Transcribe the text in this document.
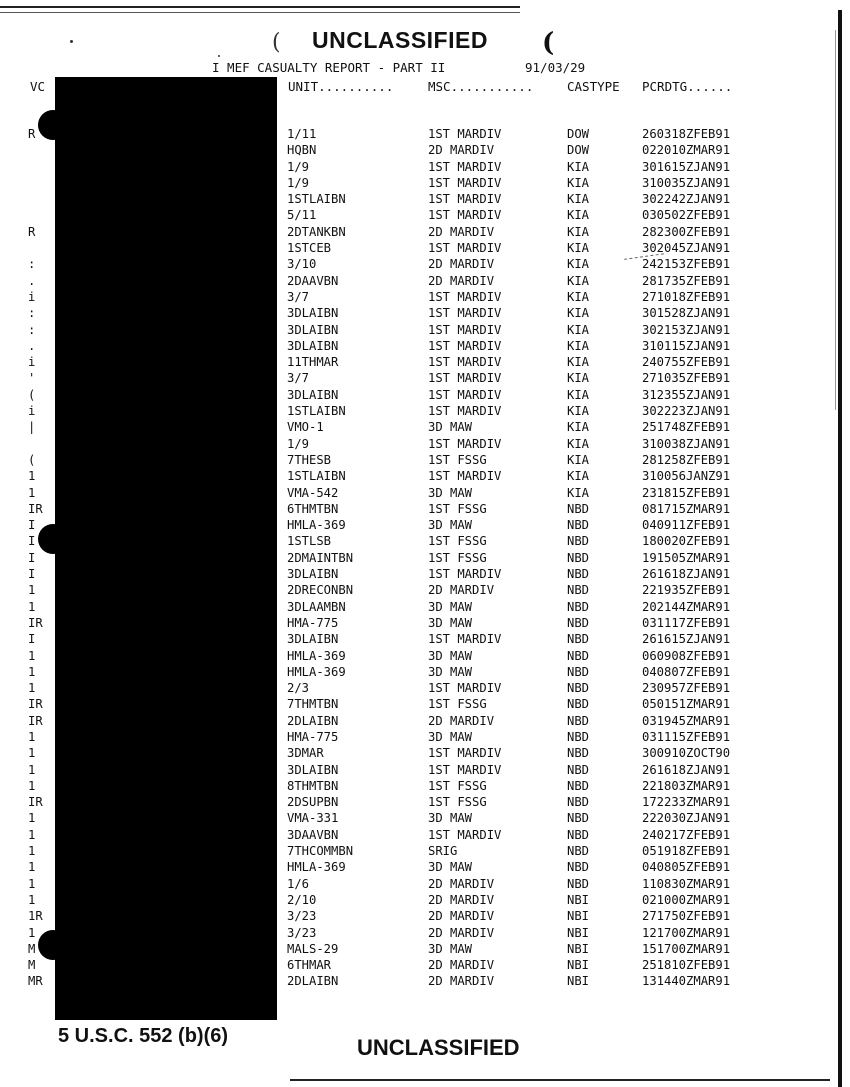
(	(
UNCLASSIFIED
I MEF CASUALTY REPORT - PART II	91/03/29
VC	UNIT..........	MSC...........	CASTYPE PCRDTG......
R	1/11	1ST MARDIV	DOW	260318ZFEB91
HQBN	2D MARDIV	DOW	022010ZMAR91
1/9	1ST MARDIV	KIA	301615ZJAN91
1/9	1ST MARDIV	KIA	310035ZJAN91
1STLAIBN	1ST MARDIV	KIA	302242ZJAN91
5/11	1ST MARDIV	KIA	030502ZFEB91
R	2DTANKBN	2D MARDIV	KIA	282300ZFEB91
1STCEB	1ST MARDIV	KIA	302045ZJAN91
:	3/10	2D MARDIV	KIA	242153ZFEB91
.	2DAAVBN	2D MARDIV	KIA	281735ZFEB91
i	3/7	1ST MARDIV	KIA	271018ZFEB91
:	3DLAIBN	1ST MARDIV	KIA	301528ZJAN91
:	3DLAIBN	1ST MARDIV	KIA	302153ZJAN91
.	3DLAIBN	1ST MARDIV	KIA	310115ZJAN91
i	11THMAR	1ST MARDIV	KIA	240755ZFEB91
'	3/7	1ST MARDIV	KIA	271035ZFEB91
(	3DLAIBN	1ST MARDIV	KIA	312355ZJAN91
i	1STLAIBN	1ST MARDIV	KIA	302223ZJAN91
|	VMO-1	3D MAW	KIA	251748ZFEB91
1/9	1ST MARDIV	KIA	310038ZJAN91
(	7THESB	1ST FSSG	KIA	281258ZFEB91
1	1STLAIBN	1ST MARDIV	KIA	310056JANZ91
1	VMA-542	3D MAW	KIA	231815ZFEB91
IR	6THMTBN	1ST FSSG	NBD	081715ZMAR91
I	HMLA-369	3D MAW	NBD	040911ZFEB91
I	1STLSB	1ST FSSG	NBD	180020ZFEB91
I	2DMAINTBN	1ST FSSG	NBD	191505ZMAR91
I	3DLAIBN	1ST MARDIV	NBD	261618ZJAN91
1	2DRECONBN	2D MARDIV	NBD	221935ZFEB91
1	3DLAAMBN	3D MAW	NBD	202144ZMAR91
IR	HMA-775	3D MAW	NBD	031117ZFEB91
I	3DLAIBN	1ST MARDIV	NBD	261615ZJAN91
1	HMLA-369	3D MAW	NBD	060908ZFEB91
1	HMLA-369	3D MAW	NBD	040807ZFEB91
1	2/3	1ST MARDIV	NBD	230957ZFEB91
IR	7THMTBN	1ST FSSG	NBD	050151ZMAR91
IR	2DLAIBN	2D MARDIV	NBD	031945ZMAR91
1	HMA-775	3D MAW	NBD	031115ZFEB91
1	3DMAR	1ST MARDIV	NBD	300910ZOCT90
1	3DLAIBN	1ST MARDIV	NBD	261618ZJAN91
1	8THMTBN	1ST FSSG	NBD	221803ZMAR91
IR	2DSUPBN	1ST FSSG	NBD	172233ZMAR91
1	VMA-331	3D MAW	NBD	222030ZJAN91
1	3DAAVBN	1ST MARDIV	NBD	240217ZFEB91
1	7THCOMMBN	SRIG	NBD	051918ZFEB91
1	HMLA-369	3D MAW	NBD	040805ZFEB91
1	1/6	2D MARDIV	NBD	110830ZMAR91
1	2/10	2D MARDIV	NBI	021000ZMAR91
1R	3/23	2D MARDIV	NBI	271750ZFEB91
1	3/23	2D MARDIV	NBI	121700ZMAR91
M	MALS-29	3D MAW	NBI	151700ZMAR91
M	6THMAR	2D MARDIV	NBI	251810ZFEB91
MR	2DLAIBN	2D MARDIV	NBI	131440ZMAR91
5 U.S.C. 552 (b)(6)	UNCLASSIFIED
